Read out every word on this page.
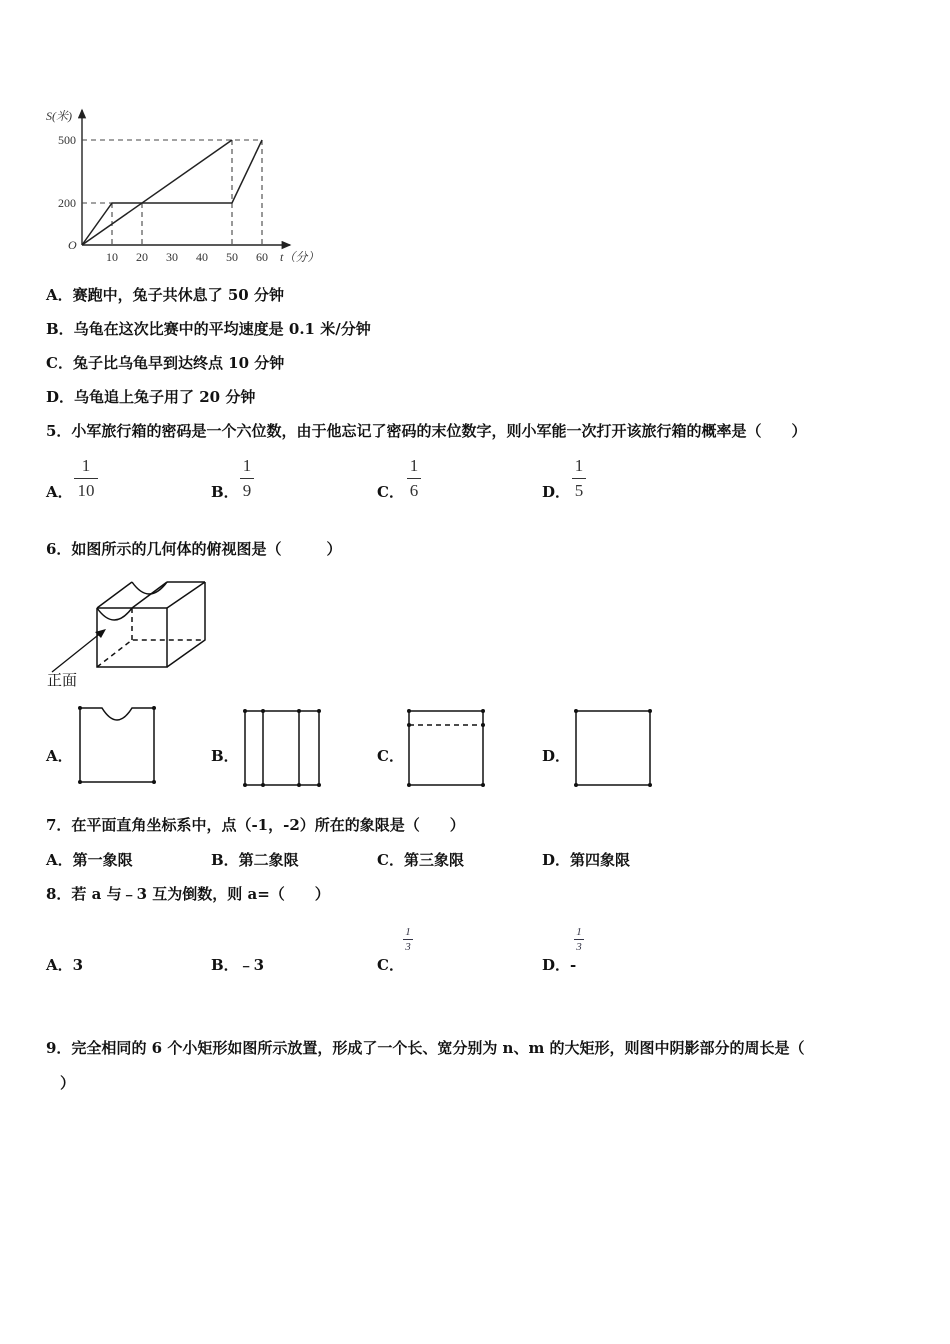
S(米)
t（分）
O
10 20 30 40 50 60
200
500
A．赛跑中，兔子共休息了 50 分钟
B．乌龟在这次比赛中的平均速度是 0.1 米/分钟
C．兔子比乌龟早到达终点 10 分钟
D．乌龟追上兔子用了 20 分钟
5．小军旅行箱的密码是一个六位数，由于他忘记了密码的末位数字，则小军能一次打开该旅行箱的概率是（　　）
A．
1
10	B．
1
9	C．
1
6	D．
1
5
6．如图所示的几何体的俯视图是（　　　）
正面
A．	B．	C．	D．
7．在平面直角坐标系中，点（-1，-2）所在的象限是（　　）
A．第一象限	B．第二象限	C．第三象限	D．第四象限
8．若 a 与﹣3 互为倒数，则 a=（　　）
A．3	B．﹣3	C．
1
3
D．-
1
3
9．完全相同的 6 个小矩形如图所示放置，形成了一个长、宽分别为 n、m 的大矩形，则图中阴影部分的周长是（
）
